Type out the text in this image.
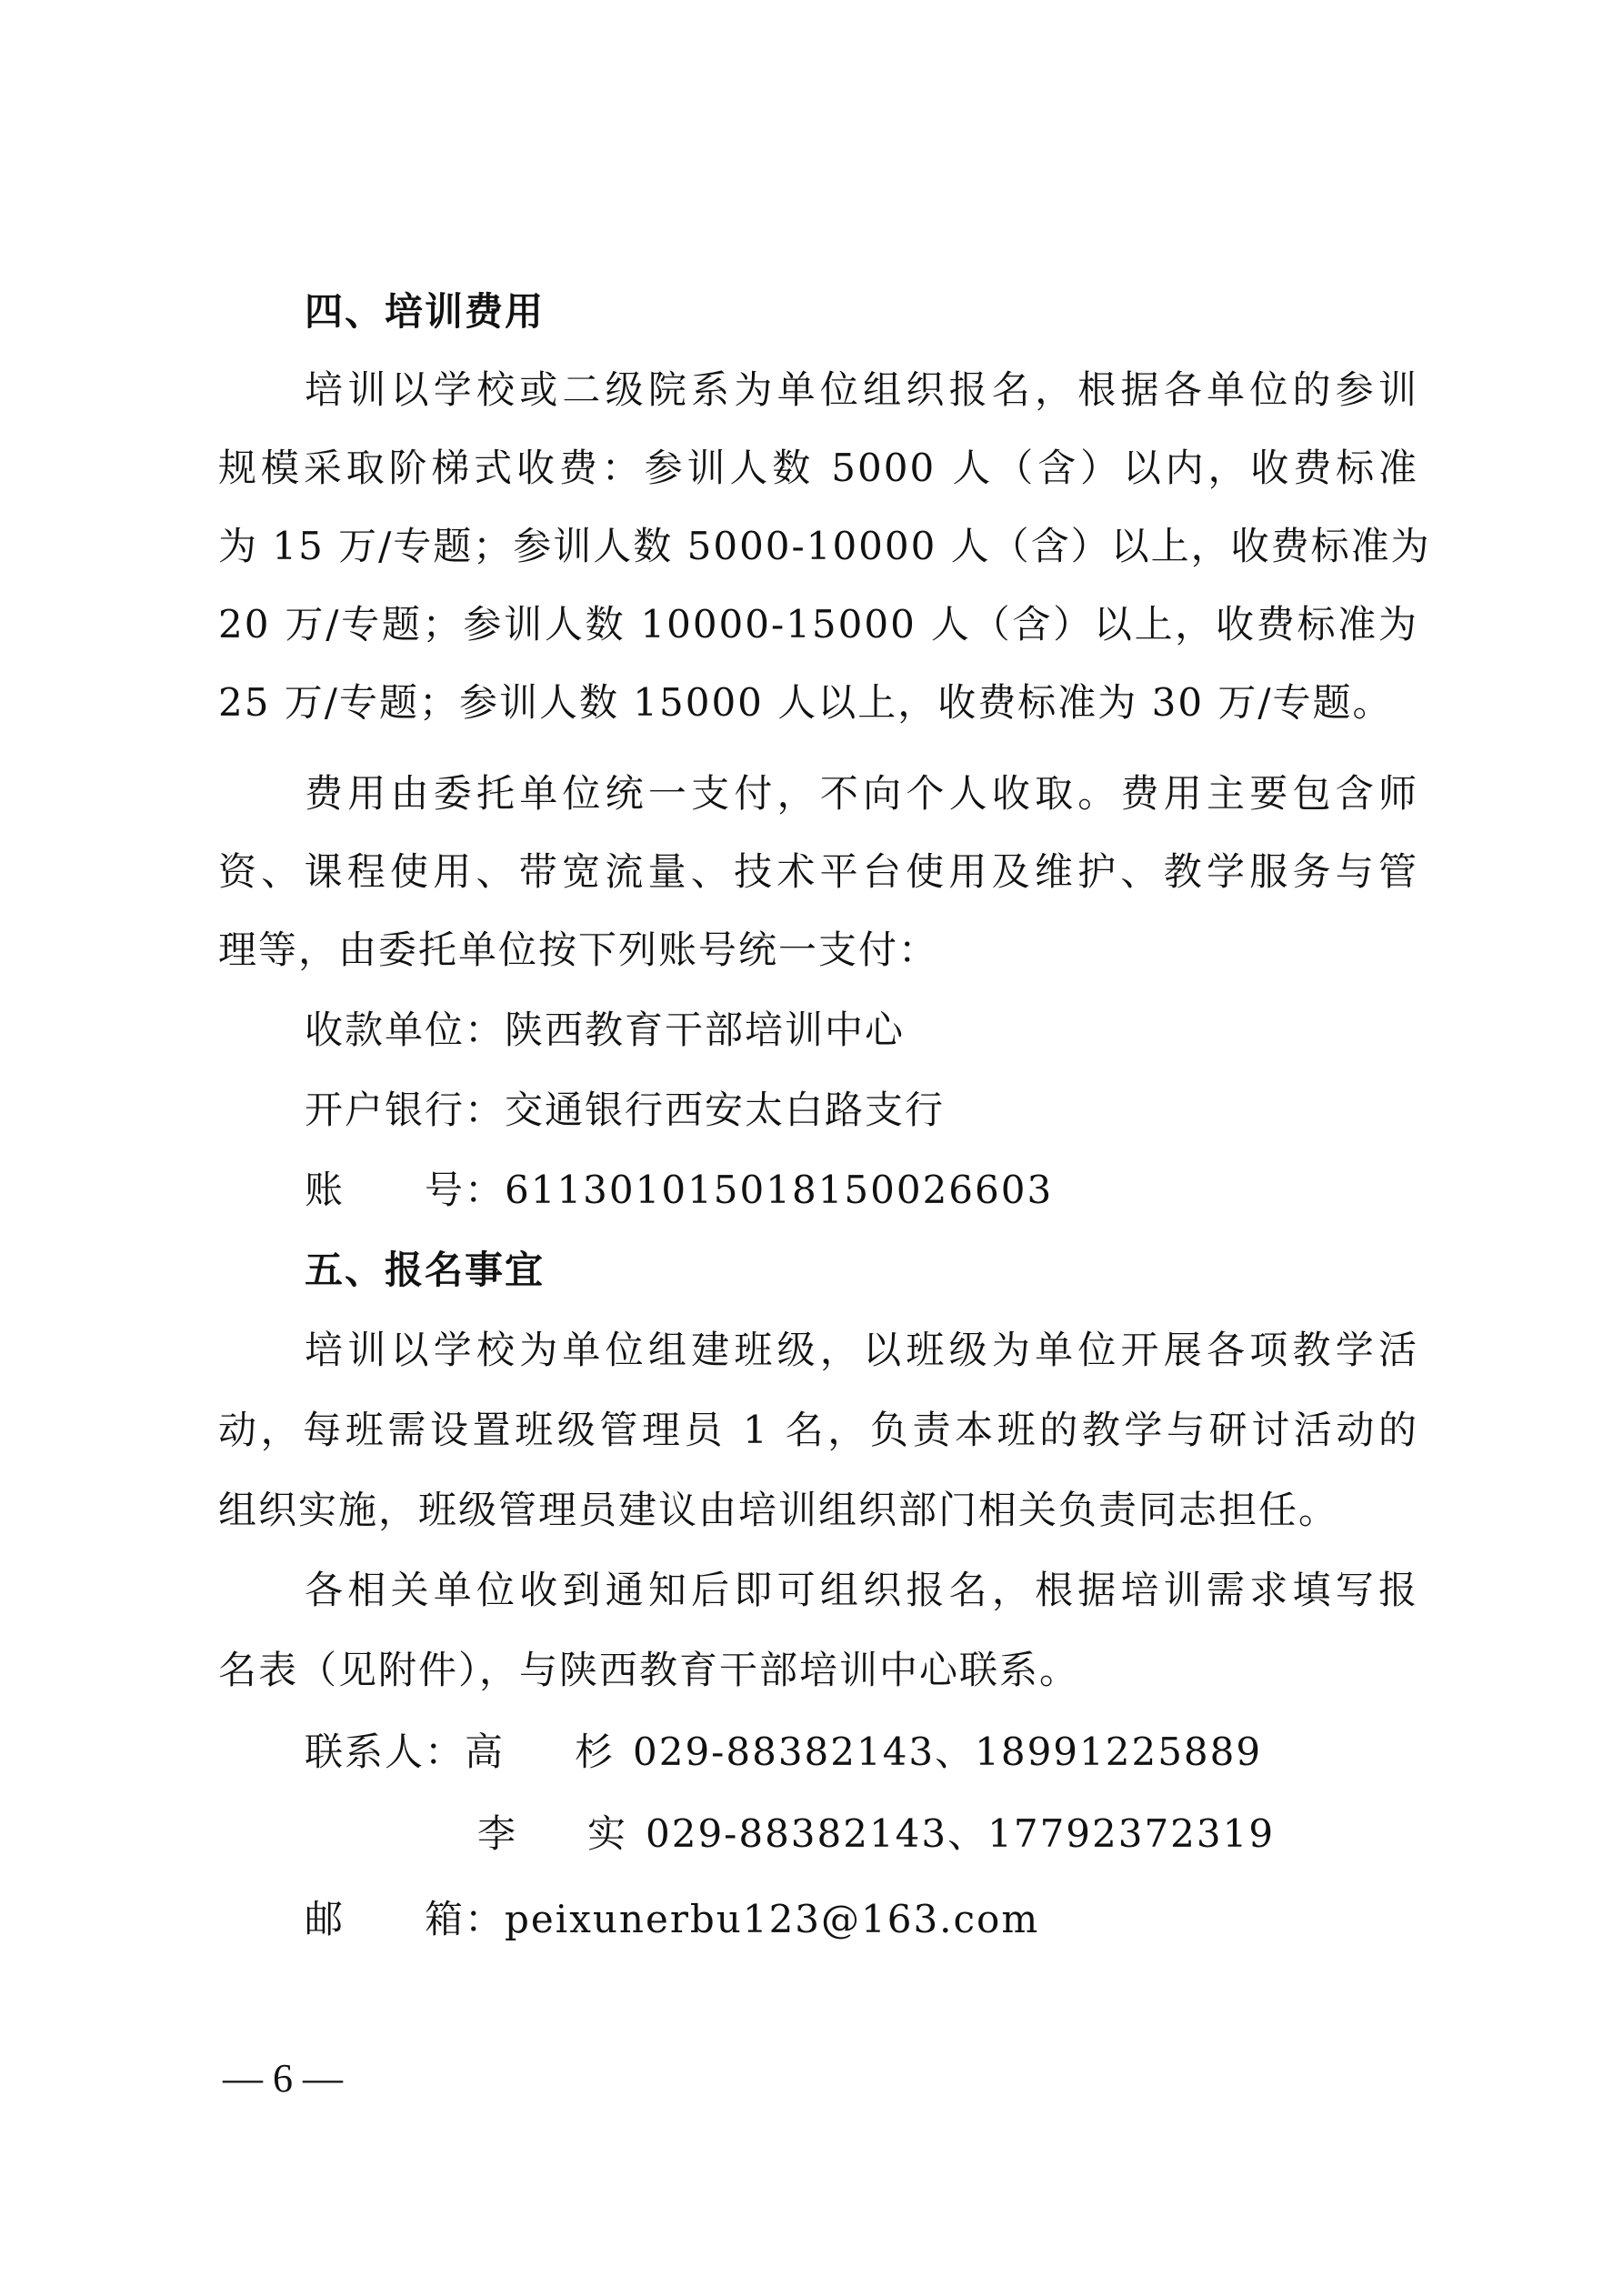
四、培训费用
培训以学校或二级院系为单位组织报名，根据各单位的参训
规模采取阶梯式收费：参训人数 5000 人（含）以内，收费标准
为 15 万/专题；参训人数 5000-10000 人（含）以上，收费标准为
20 万/专题；参训人数 10000-15000 人（含）以上，收费标准为
25 万/专题；参训人数 15000 人以上，收费标准为 30 万/专题。
费用由委托单位统一支付，不向个人收取。费用主要包含师
资、课程使用、带宽流量、技术平台使用及维护、教学服务与管
理等，由委托单位按下列账号统一支付：
收款单位：陕西教育干部培训中心
开户银行：交通银行西安太白路支行
账　　号：611301015018150026603
五、报名事宜
培训以学校为单位组建班级，以班级为单位开展各项教学活
动，每班需设置班级管理员 1 名，负责本班的教学与研讨活动的
组织实施，班级管理员建议由培训组织部门相关负责同志担任。
各相关单位收到通知后即可组织报名，根据培训需求填写报
名表（见附件），与陕西教育干部培训中心联系。
联系人：高　杉 029-88382143、18991225889
李　实 029-88382143、17792372319
邮　　箱：peixunerbu123@163.com
— 6 —
